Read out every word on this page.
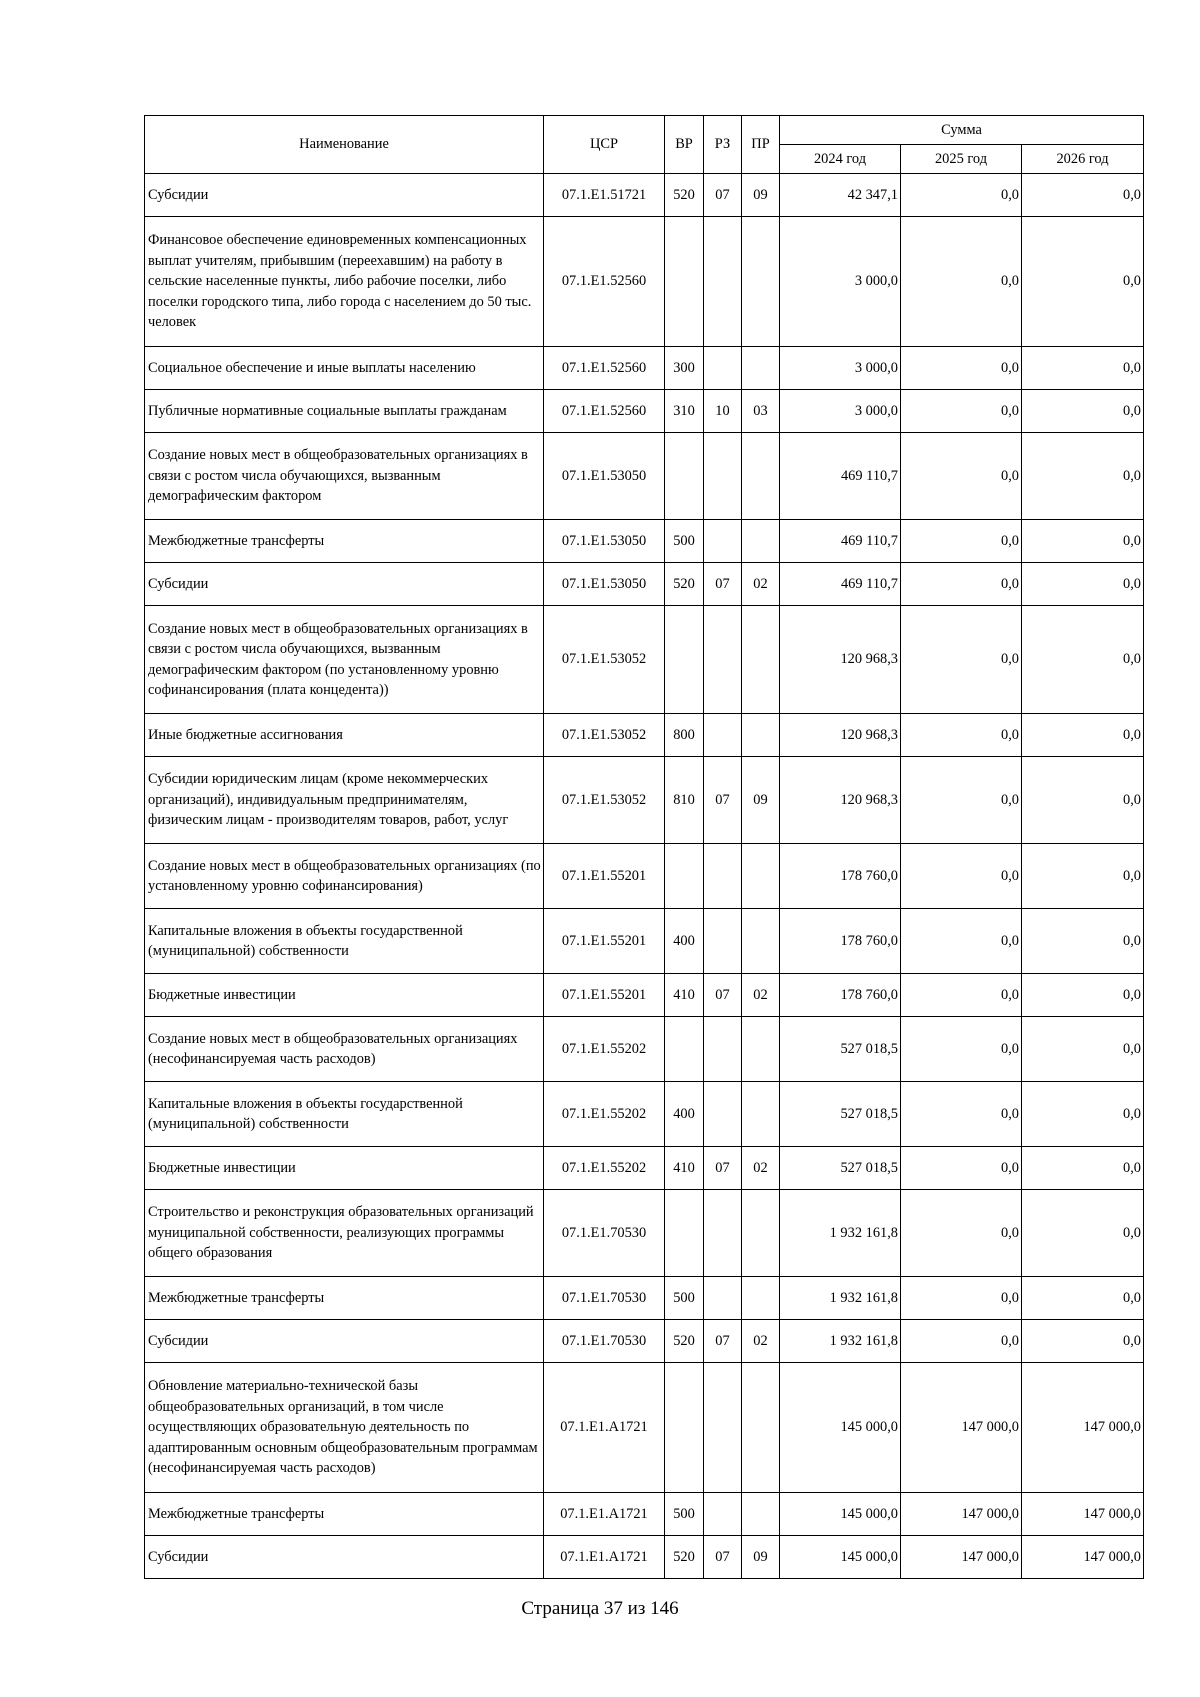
Наименование	ЦСР	ВР	РЗ	ПР	Сумма		
					2024 год	2025 год	2026 год
Субсидии	07.1.E1.51721	520	07	09	42 347,1	0,0	0,0
Финансовое обеспечение единовременных компенсационных выплат учителям, прибывшим (переехавшим) на работу в сельские населенные пункты, либо рабочие поселки, либо поселки городского типа, либо города с населением до 50 тыс. человек	07.1.E1.52560				3 000,0	0,0	0,0
Социальное обеспечение и иные выплаты населению	07.1.E1.52560	300			3 000,0	0,0	0,0
Публичные нормативные социальные выплаты гражданам	07.1.E1.52560	310	10	03	3 000,0	0,0	0,0
Создание новых мест в общеобразовательных организациях в связи с ростом числа обучающихся, вызванным демографическим фактором	07.1.E1.53050				469 110,7	0,0	0,0
Межбюджетные трансферты	07.1.E1.53050	500			469 110,7	0,0	0,0
Субсидии	07.1.E1.53050	520	07	02	469 110,7	0,0	0,0
Создание новых мест в общеобразовательных организациях в связи с ростом числа обучающихся, вызванным демографическим фактором (по установленному уровню софинансирования (плата концедента))	07.1.E1.53052				120 968,3	0,0	0,0
Иные бюджетные ассигнования	07.1.E1.53052	800			120 968,3	0,0	0,0
Субсидии юридическим лицам (кроме некоммерческих организаций), индивидуальным предпринимателям, физическим лицам - производителям товаров, работ, услуг	07.1.E1.53052	810	07	09	120 968,3	0,0	0,0
Создание новых мест в общеобразовательных организациях (по установленному уровню софинансирования)	07.1.E1.55201				178 760,0	0,0	0,0
Капитальные вложения в объекты государственной (муниципальной) собственности	07.1.E1.55201	400			178 760,0	0,0	0,0
Бюджетные инвестиции	07.1.E1.55201	410	07	02	178 760,0	0,0	0,0
Создание новых мест в общеобразовательных организациях (несофинансируемая часть расходов)	07.1.E1.55202				527 018,5	0,0	0,0
Капитальные вложения в объекты государственной (муниципальной) собственности	07.1.E1.55202	400			527 018,5	0,0	0,0
Бюджетные инвестиции	07.1.E1.55202	410	07	02	527 018,5	0,0	0,0
Строительство и реконструкция образовательных организаций муниципальной собственности, реализующих программы общего образования	07.1.E1.70530				1 932 161,8	0,0	0,0
Межбюджетные трансферты	07.1.E1.70530	500			1 932 161,8	0,0	0,0
Субсидии	07.1.E1.70530	520	07	02	1 932 161,8	0,0	0,0
Обновление материально-технической базы общеобразовательных организаций, в том числе осуществляющих образовательную деятельность по адаптированным основным общеобразовательным программам (несофинансируемая часть расходов)	07.1.E1.A1721				145 000,0	147 000,0	147 000,0
Межбюджетные трансферты	07.1.E1.A1721	500			145 000,0	147 000,0	147 000,0
Субсидии	07.1.E1.A1721	520	07	09	145 000,0	147 000,0	147 000,0
Страница 37 из 146
